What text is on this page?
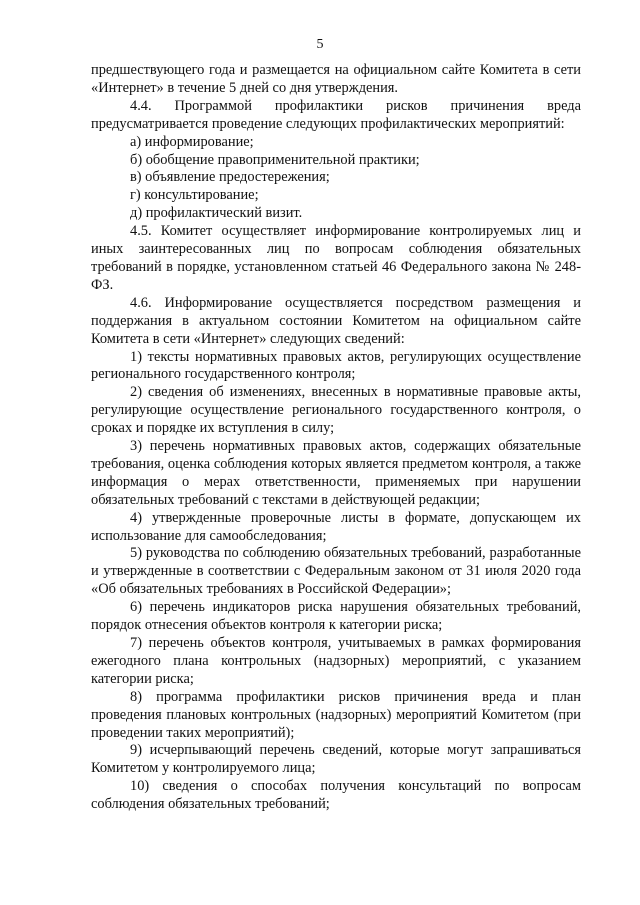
5

предшествующего года и размещается на официальном сайте Комитета в сети «Интернет» в течение 5 дней со дня утверждения.

4.4. Программой профилактики рисков причинения вреда предусматривается проведение следующих профилактических мероприятий:

а) информирование;

б) обобщение правоприменительной практики;

в) объявление предостережения;

г) консультирование;

д) профилактический визит.

4.5. Комитет осуществляет информирование контролируемых лиц и иных заинтересованных лиц по вопросам соблюдения обязательных требований в порядке, установленном статьей 46 Федерального закона № 248-ФЗ.

4.6. Информирование осуществляется посредством размещения и поддержания в актуальном состоянии Комитетом на официальном сайте Комитета в сети «Интернет» следующих сведений:

1) тексты нормативных правовых актов, регулирующих осуществление регионального государственного контроля;

2) сведения об изменениях, внесенных в нормативные правовые акты, регулирующие осуществление регионального государственного контроля, о сроках и порядке их вступления в силу;

3) перечень нормативных правовых актов, содержащих обязательные требования, оценка соблюдения которых является предметом контроля, а также информация о мерах ответственности, применяемых при нарушении обязательных требований с текстами в действующей редакции;

4) утвержденные проверочные листы в формате, допускающем их использование для самообследования;

5) руководства по соблюдению обязательных требований, разработанные и утвержденные в соответствии с Федеральным законом от 31 июля 2020 года «Об обязательных требованиях в Российской Федерации»;

6) перечень индикаторов риска нарушения обязательных требований, порядок отнесения объектов контроля к категории риска;

7) перечень объектов контроля, учитываемых в рамках формирования ежегодного плана контрольных (надзорных) мероприятий, с указанием категории риска;

8) программа профилактики рисков причинения вреда и план проведения плановых контрольных (надзорных) мероприятий Комитетом (при проведении таких мероприятий);

9) исчерпывающий перечень сведений, которые могут запрашиваться Комитетом у контролируемого лица;

10) сведения о способах получения консультаций по вопросам соблюдения обязательных требований;
